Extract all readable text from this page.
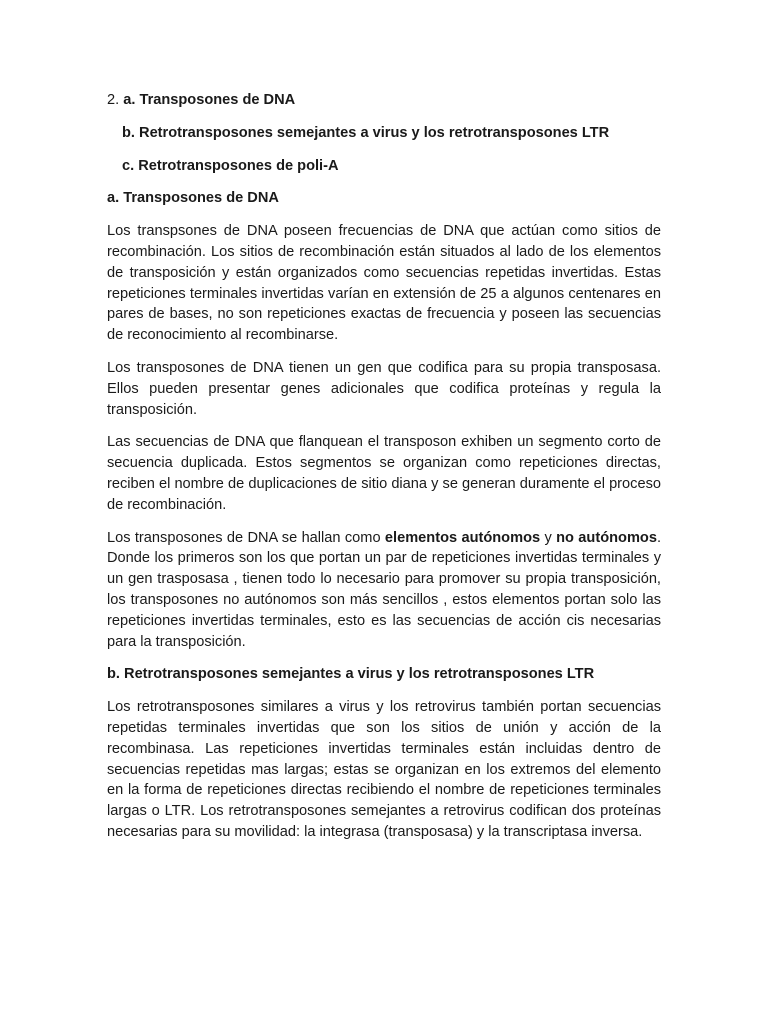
2. a. Transposones de DNA
b. Retrotransposones semejantes a virus y los retrotransposones LTR
c. Retrotransposones de poli-A
a. Transposones de DNA

Los transpsones de DNA poseen frecuencias de DNA que actúan como sitios de recombinación. Los sitios de recombinación están situados al lado de los elementos de transposición y están organizados como secuencias repetidas invertidas. Estas repeticiones terminales invertidas varían en extensión de 25 a algunos centenares en pares de bases, no son repeticiones exactas de frecuencia y poseen las secuencias de reconocimiento al recombinarse.

Los transposones de DNA tienen un gen que codifica para su propia transposasa. Ellos pueden presentar genes adicionales que codifica proteínas y regula la transposición.

Las secuencias de DNA que flanquean el transposon exhiben un segmento corto de secuencia duplicada. Estos segmentos se organizan como repeticiones directas, reciben el nombre de duplicaciones de sitio diana y se generan duramente el proceso de recombinación.

Los transposones de DNA se hallan como elementos autónomos y no autónomos. Donde los primeros son los que portan un par de repeticiones invertidas terminales y un gen trasposasa , tienen todo lo necesario para promover su propia transposición, los transposones no autónomos son más sencillos , estos elementos portan solo las repeticiones invertidas terminales, esto es las secuencias de acción cis necesarias para la transposición.

b. Retrotransposones semejantes a virus y los retrotransposones LTR

Los retrotransposones similares a virus y los retrovirus también portan secuencias repetidas terminales invertidas que son los sitios de unión y acción de la recombinasa. Las repeticiones invertidas terminales están incluidas dentro de secuencias repetidas mas largas; estas se organizan en los extremos del elemento en la forma de repeticiones directas recibiendo el nombre de repeticiones terminales largas o LTR. Los retrotransposones semejantes a retrovirus codifican dos proteínas necesarias para su movilidad: la integrasa (transposasa) y la transcriptasa inversa.
